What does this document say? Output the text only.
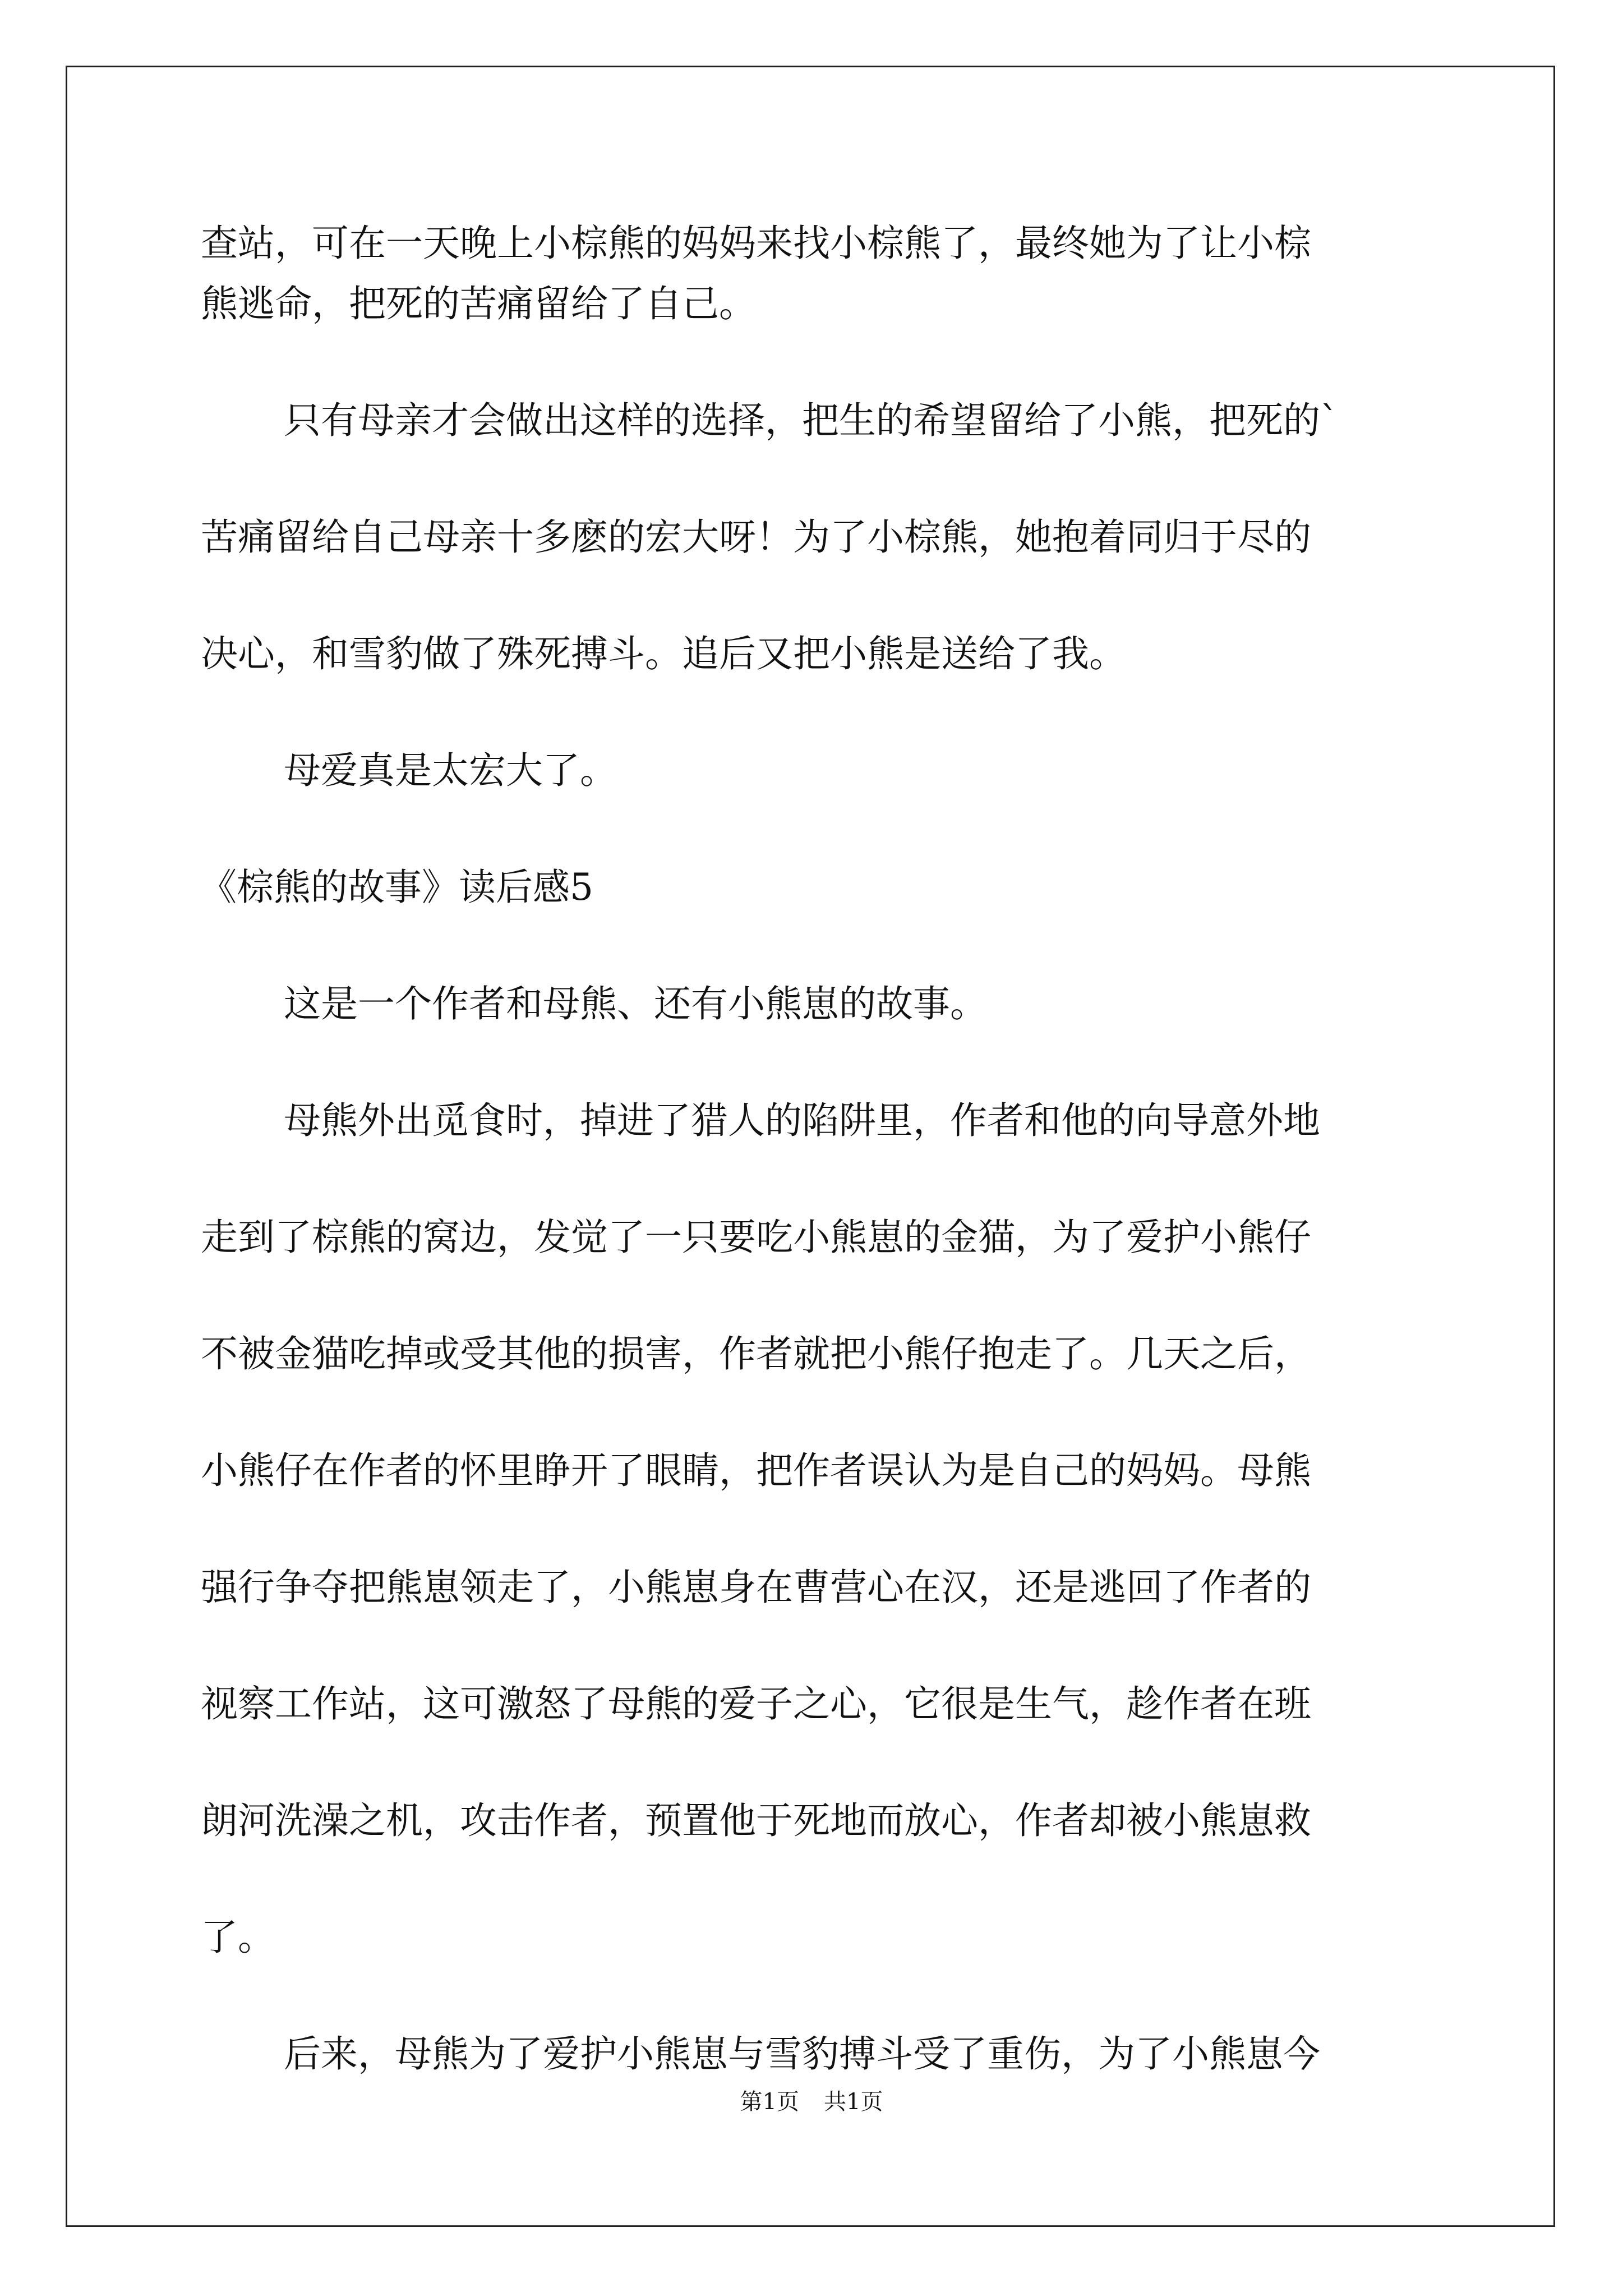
查站，可在一天晚上小棕熊的妈妈来找小棕熊了，最终她为了让小棕
熊逃命，把死的苦痛留给了自己。
只有母亲才会做出这样的选择，把生的希望留给了小熊，把死的`
苦痛留给自己母亲十多麽的宏大呀！为了小棕熊，她抱着同归于尽的
决心，和雪豹做了殊死搏斗。追后又把小熊是送给了我。
母爱真是太宏大了。
《棕熊的故事》读后感5
这是一个作者和母熊、还有小熊崽的故事。
母熊外出觅食时，掉进了猎人的陷阱里，作者和他的向导意外地
走到了棕熊的窝边，发觉了一只要吃小熊崽的金猫，为了爱护小熊仔
不被金猫吃掉或受其他的损害，作者就把小熊仔抱走了。几天之后，
小熊仔在作者的怀里睁开了眼睛，把作者误认为是自己的妈妈。母熊
强行争夺把熊崽领走了，小熊崽身在曹营心在汉，还是逃回了作者的
视察工作站，这可激怒了母熊的爱子之心，它很是生气，趁作者在班
朗河洗澡之机，攻击作者，预置他于死地而放心，作者却被小熊崽救
了。
后来，母熊为了爱护小熊崽与雪豹搏斗受了重伤，为了小熊崽今
第1页 共1页
